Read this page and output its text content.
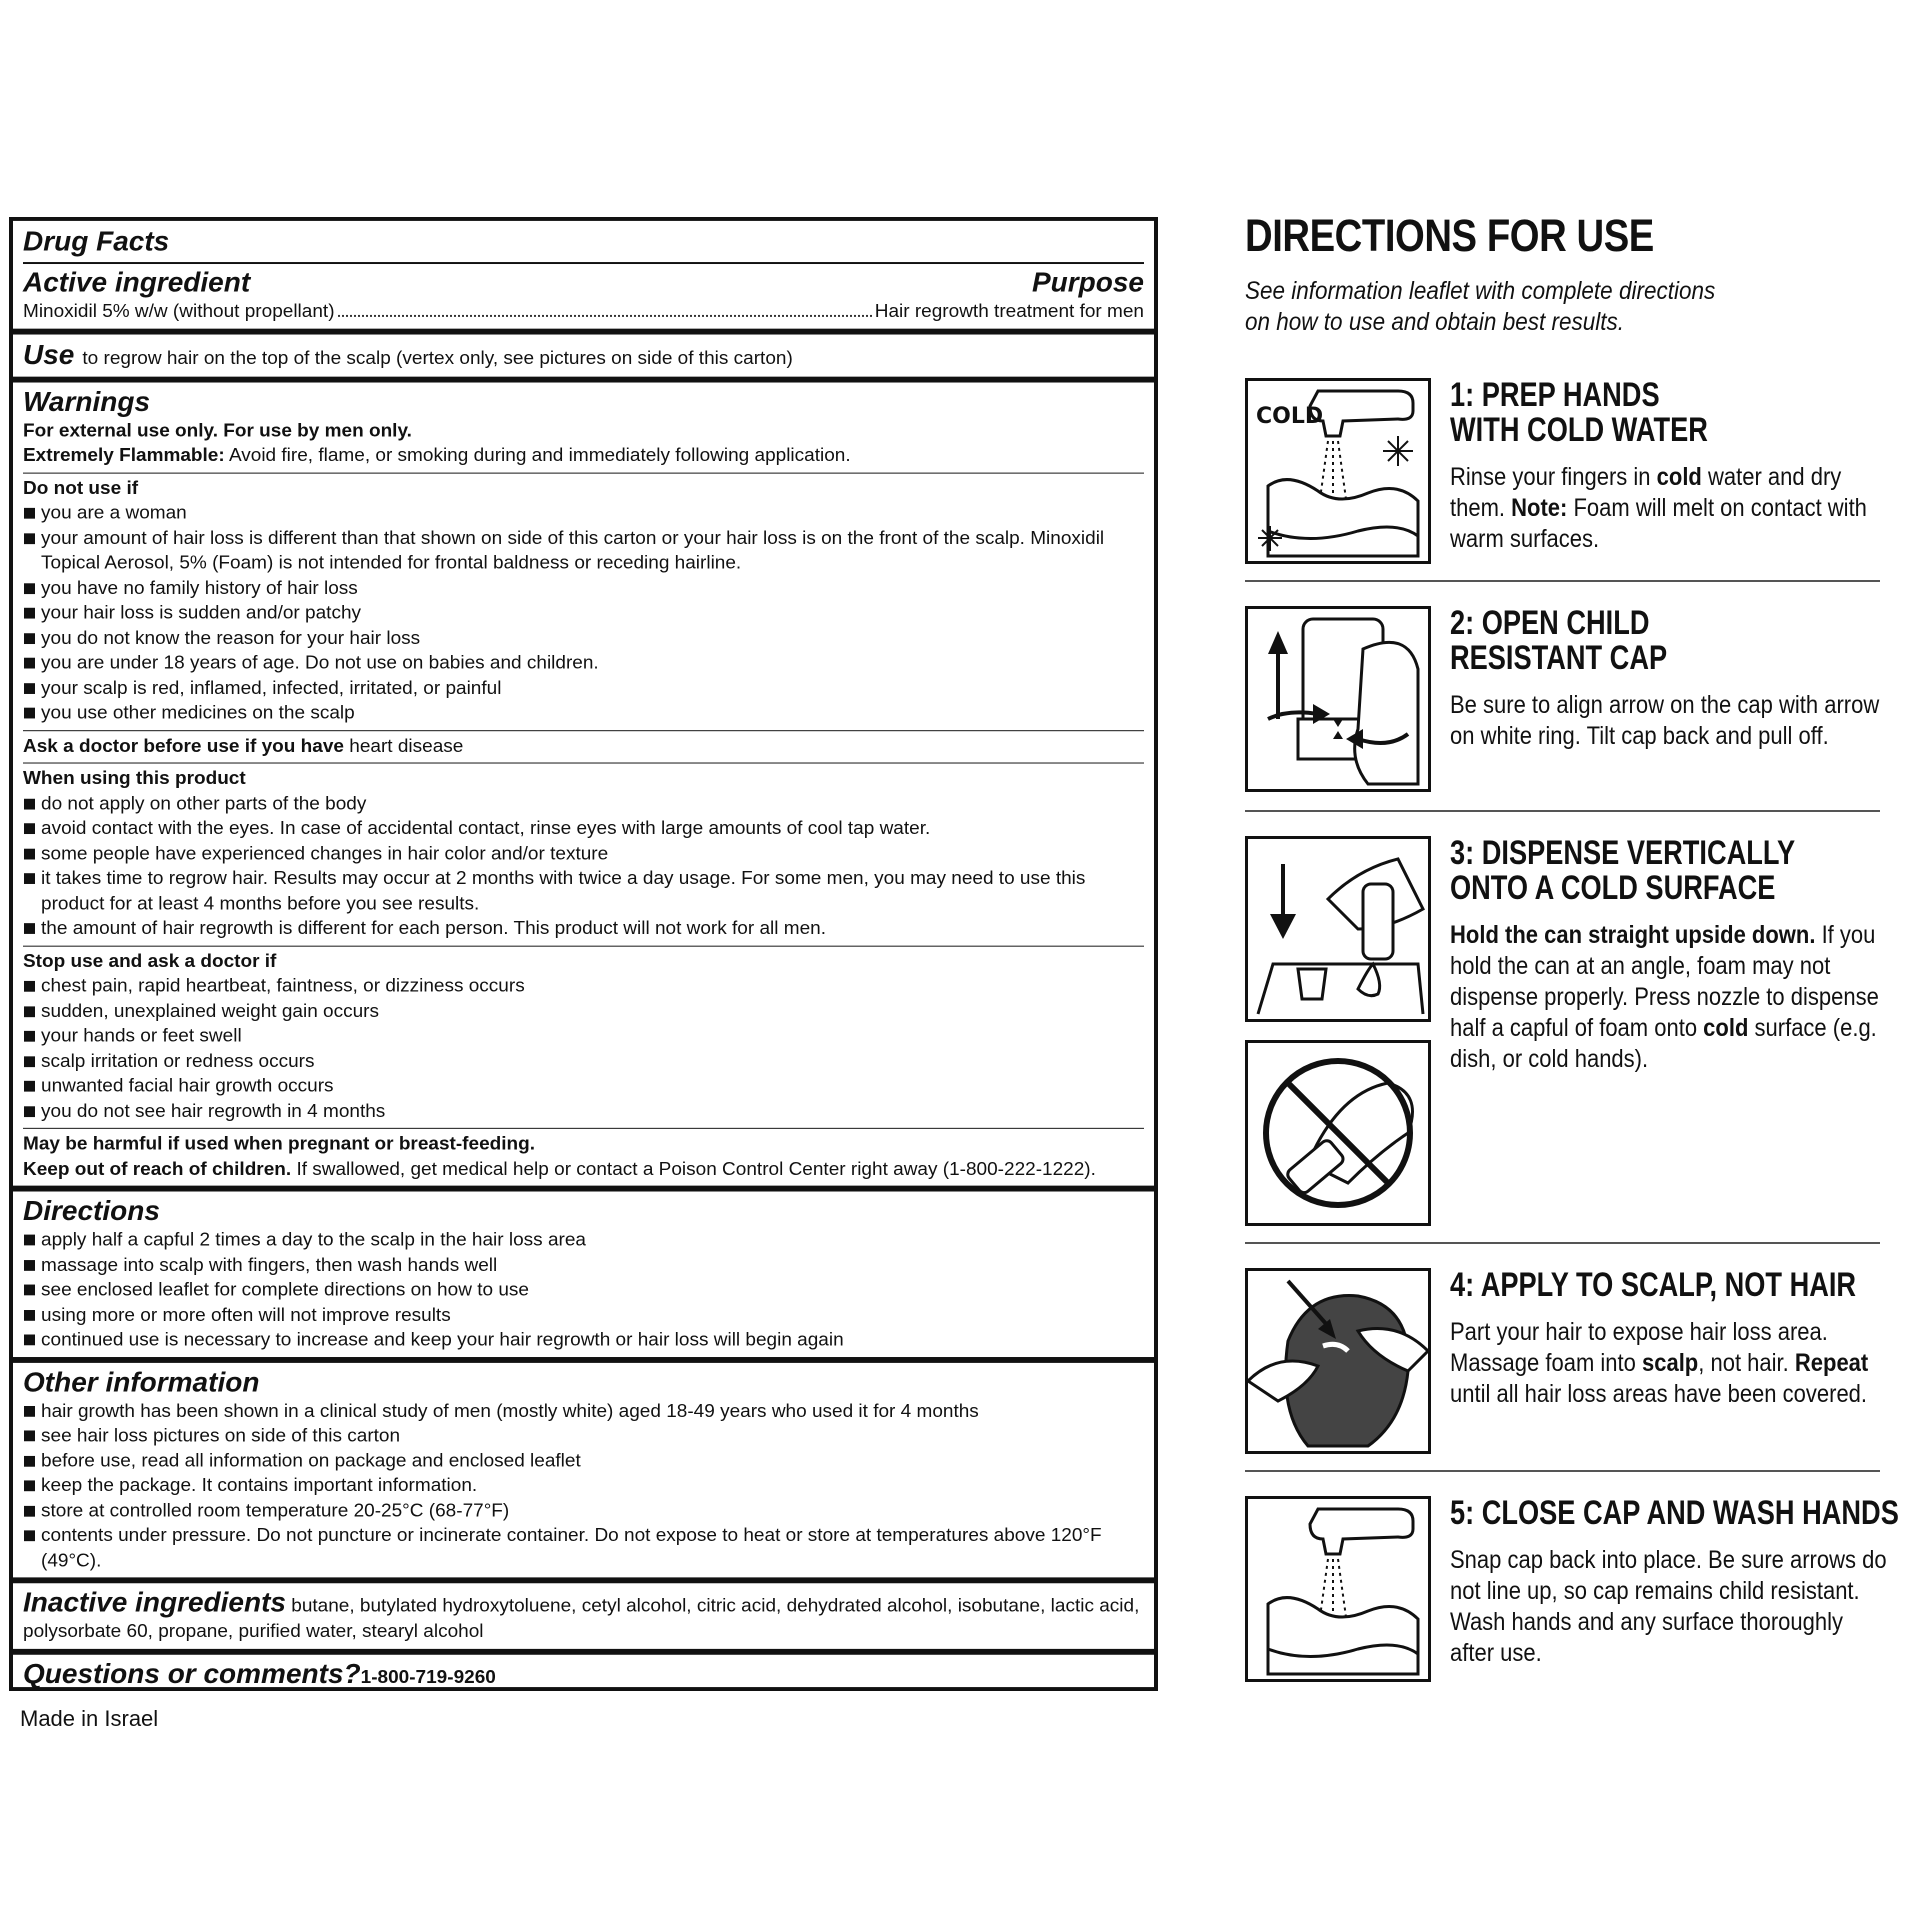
Drug Facts
Active ingredient	Purpose
Minoxidil 5% w/w (without propellant)	Hair regrowth treatment for men
Use to regrow hair on the top of the scalp (vertex only, see pictures on side of this carton)
Warnings
For external use only. For use by men only.
Extremely Flammable: Avoid fire, flame, or smoking during and immediately following application.
Do not use if
you are a woman
your amount of hair loss is different than that shown on side of this carton or your hair loss is on the front of the scalp. Minoxidil Topical Aerosol, 5% (Foam) is not intended for frontal baldness or receding hairline.
you have no family history of hair loss
your hair loss is sudden and/or patchy
you do not know the reason for your hair loss
you are under 18 years of age. Do not use on babies and children.
your scalp is red, inflamed, infected, irritated, or painful
you use other medicines on the scalp
Ask a doctor before use if you have heart disease
When using this product
do not apply on other parts of the body
avoid contact with the eyes. In case of accidental contact, rinse eyes with large amounts of cool tap water.
some people have experienced changes in hair color and/or texture
it takes time to regrow hair. Results may occur at 2 months with twice a day usage. For some men, you may need to use this product for at least 4 months before you see results.
the amount of hair regrowth is different for each person. This product will not work for all men.
Stop use and ask a doctor if
chest pain, rapid heartbeat, faintness, or dizziness occurs
sudden, unexplained weight gain occurs
your hands or feet swell
scalp irritation or redness occurs
unwanted facial hair growth occurs
you do not see hair regrowth in 4 months
May be harmful if used when pregnant or breast-feeding.
Keep out of reach of children. If swallowed, get medical help or contact a Poison Control Center right away (1-800-222-1222).
Directions
apply half a capful 2 times a day to the scalp in the hair loss area
massage into scalp with fingers, then wash hands well
see enclosed leaflet for complete directions on how to use
using more or more often will not improve results
continued use is necessary to increase and keep your hair regrowth or hair loss will begin again
Other information
hair growth has been shown in a clinical study of men (mostly white) aged 18-49 years who used it for 4 months
see hair loss pictures on side of this carton
before use, read all information on package and enclosed leaflet
keep the package. It contains important information.
store at controlled room temperature 20-25°C (68-77°F)
contents under pressure. Do not puncture or incinerate container. Do not expose to heat or store at temperatures above 120°F (49°C).
Inactive ingredients butane, butylated hydroxytoluene, cetyl alcohol, citric acid, dehydrated alcohol, isobutane, lactic acid, polysorbate 60, propane, purified water, stearyl alcohol
Questions or comments?1-800-719-9260
Made in Israel
DIRECTIONS FOR USE
See information leaflet with complete directions on how to use and obtain best results.
COLD
1: PREP HANDS
WITH COLD WATER

Rinse your fingers in cold water and dry them. Note: Foam will melt on contact with warm surfaces.

2: OPEN CHILD
RESISTANT CAP

Be sure to align arrow on the cap with arrow on white ring. Tilt cap back and pull off.

3: DISPENSE VERTICALLY
ONTO A COLD SURFACE

Hold the can straight upside down. If you hold the can at an angle, foam may not dispense properly. Press nozzle to dispense half a capful of foam onto cold surface (e.g. dish, or cold hands).

4: APPLY TO SCALP, NOT HAIR

Part your hair to expose hair loss area. Massage foam into scalp, not hair. Repeat until all hair loss areas have been covered.

5: CLOSE CAP AND WASH HANDS

Snap cap back into place. Be sure arrows do not line up, so cap remains child resistant. Wash hands and any surface thoroughly after use.
